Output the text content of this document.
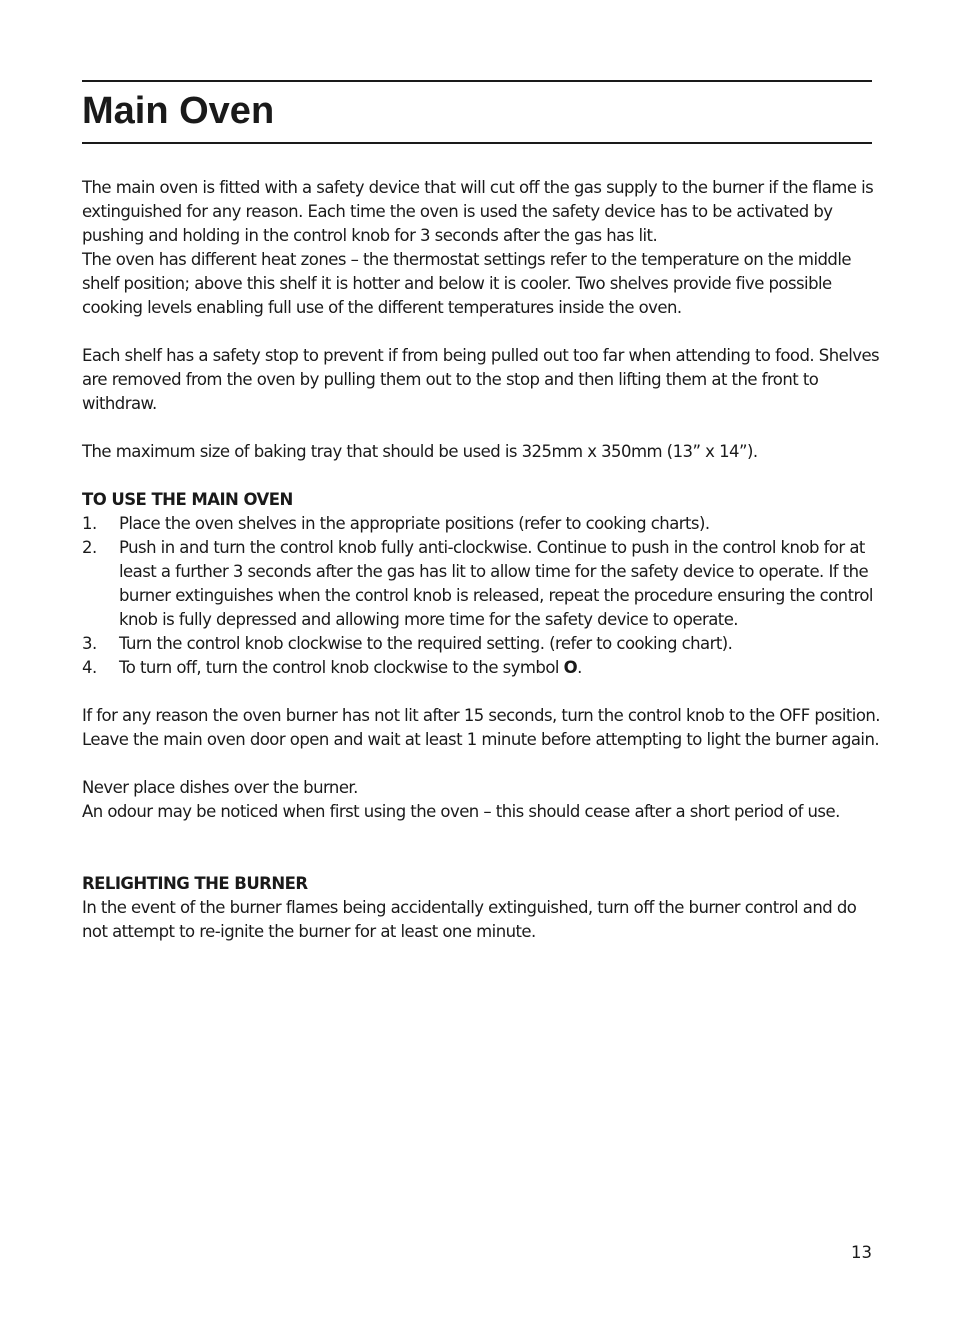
Main Oven

The main oven is fitted with a safety device that will cut off the gas supply to the burner if the flame is extinguished for any reason. Each time the oven is used the safety device has to be activated by pushing and holding in the control knob for 3 seconds after the gas has lit.

The oven has different heat zones – the thermostat settings refer to the temperature on the middle shelf position; above this shelf it is hotter and below it is cooler. Two shelves provide five possible cooking levels enabling full use of the different temperatures inside the oven.

Each shelf has a safety stop to prevent if from being pulled out too far when attending to food. Shelves are removed from the oven by pulling them out to the stop and then lifting them at the front to withdraw.

The maximum size of baking tray that should be used is 325mm x 350mm (13” x 14”).

TO USE THE MAIN OVEN

1.	Place the oven shelves in the appropriate positions (refer to cooking charts).
2.	Push in and turn the control knob fully anti-clockwise. Continue to push in the control knob for at least a further 3 seconds after the gas has lit to allow time for the safety device to operate. If the burner extinguishes when the control knob is released, repeat the procedure ensuring the control knob is fully depressed and allowing more time for the safety device to operate.
3.	Turn the control knob clockwise to the required setting. (refer to cooking chart).
4.	To turn off, turn the control knob clockwise to the symbol O.

If for any reason the oven burner has not lit after 15 seconds, turn the control knob to the OFF position. Leave the main oven door open and wait at least 1 minute before attempting to light the burner again.

Never place dishes over the burner.

An odour may be noticed when first using the oven – this should cease after a short period of use.

RELIGHTING THE BURNER

In the event of the burner flames being accidentally extinguished, turn off the burner control and do not attempt to re-ignite the burner for at least one minute.

13
